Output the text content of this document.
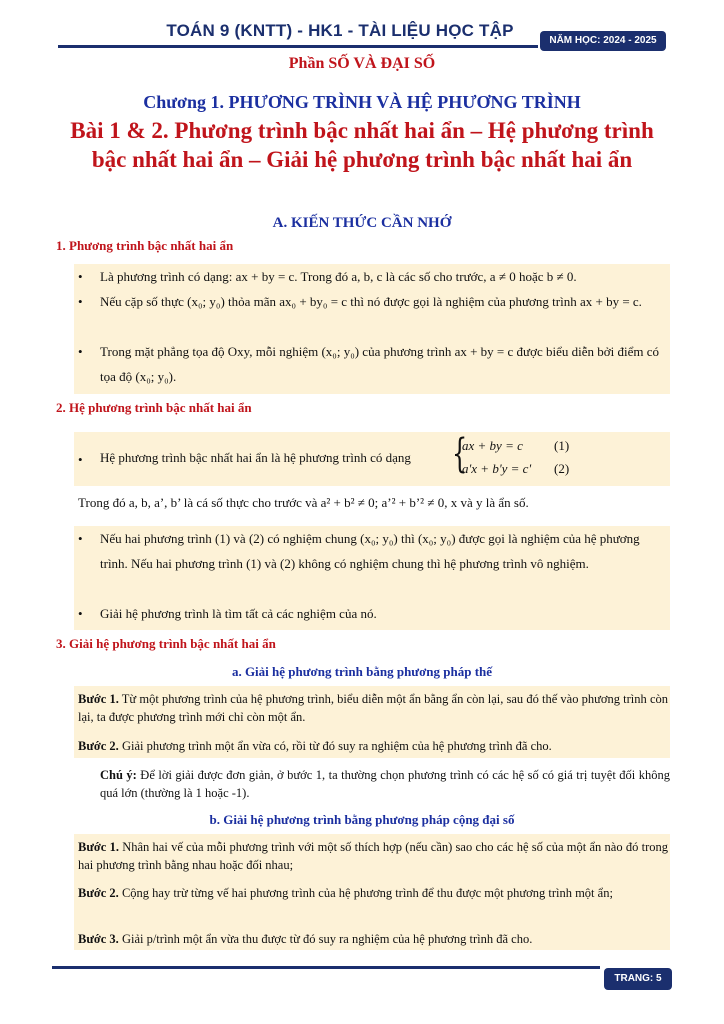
TOÁN 9 (KNTT) - HK1 - TÀI LIỆU HỌC TẬP
NĂM HỌC: 2024 - 2025
Phần SỐ VÀ ĐẠI SỐ
Chương 1. PHƯƠNG TRÌNH VÀ HỆ PHƯƠNG TRÌNH
Bài 1 & 2. Phương trình bậc nhất hai ẩn – Hệ phương trình bậc nhất hai ẩn – Giải hệ phương trình bậc nhất hai ẩn
A. KIẾN THỨC CẦN NHỚ
1. Phương trình bậc nhất hai ẩn
• Là phương trình có dạng: ax + by = c. Trong đó a, b, c là các số cho trước, a ≠ 0 hoặc b ≠ 0.
• Nếu cặp số thực (x₀; y₀) thỏa mãn ax₀ + by₀ = c thì nó được gọi là nghiệm của phương trình ax + by = c.
• Trong mặt phẳng tọa độ Oxy, mỗi nghiệm (x₀; y₀) của phương trình ax + by = c được biểu diễn bởi điểm có tọa độ (x₀; y₀).
2. Hệ phương trình bậc nhất hai ẩn
• Hệ phương trình bậc nhất hai ẩn là hệ phương trình có dạng {
ax + by = c (1)
a'x + b'y = c' (2)
Trong đó a, b, a’, b’ là cá số thực cho trước và a² + b² ≠ 0; a’² + b’² ≠ 0, x và y là ẩn số.
• Nếu hai phương trình (1) và (2) có nghiệm chung (x₀; y₀) thì (x₀; y₀) được gọi là nghiệm của hệ phương trình. Nếu hai phương trình (1) và (2) không có nghiệm chung thì hệ phương trình vô nghiệm.
• Giải hệ phương trình là tìm tất cả các nghiệm của nó.
3. Giải hệ phương trình bậc nhất hai ẩn
a. Giải hệ phương trình bằng phương pháp thế
Bước 1. Từ một phương trình của hệ phương trình, biểu diễn một ẩn bằng ẩn còn lại, sau đó thế vào phương trình còn lại, ta được phương trình mới chỉ còn một ẩn.
Bước 2. Giải phương trình một ẩn vừa có, rồi từ đó suy ra nghiệm của hệ phương trình đã cho.
Chú ý: Để lời giải được đơn giản, ở bước 1, ta thường chọn phương trình có các hệ số có giá trị tuyệt đối không quá lớn (thường là 1 hoặc -1).
b. Giải hệ phương trình bằng phương pháp cộng đại số
Bước 1. Nhân hai vế của mỗi phương trình với một số thích hợp (nếu cần) sao cho các hệ số của một ẩn nào đó trong hai phương trình bằng nhau hoặc đối nhau;
Bước 2. Cộng hay trừ từng vế hai phương trình của hệ phương trình để thu được một phương trình một ẩn;
Bước 3. Giải p/trình một ẩn vừa thu được từ đó suy ra nghiệm của hệ phương trình đã cho.
TRANG: 5
